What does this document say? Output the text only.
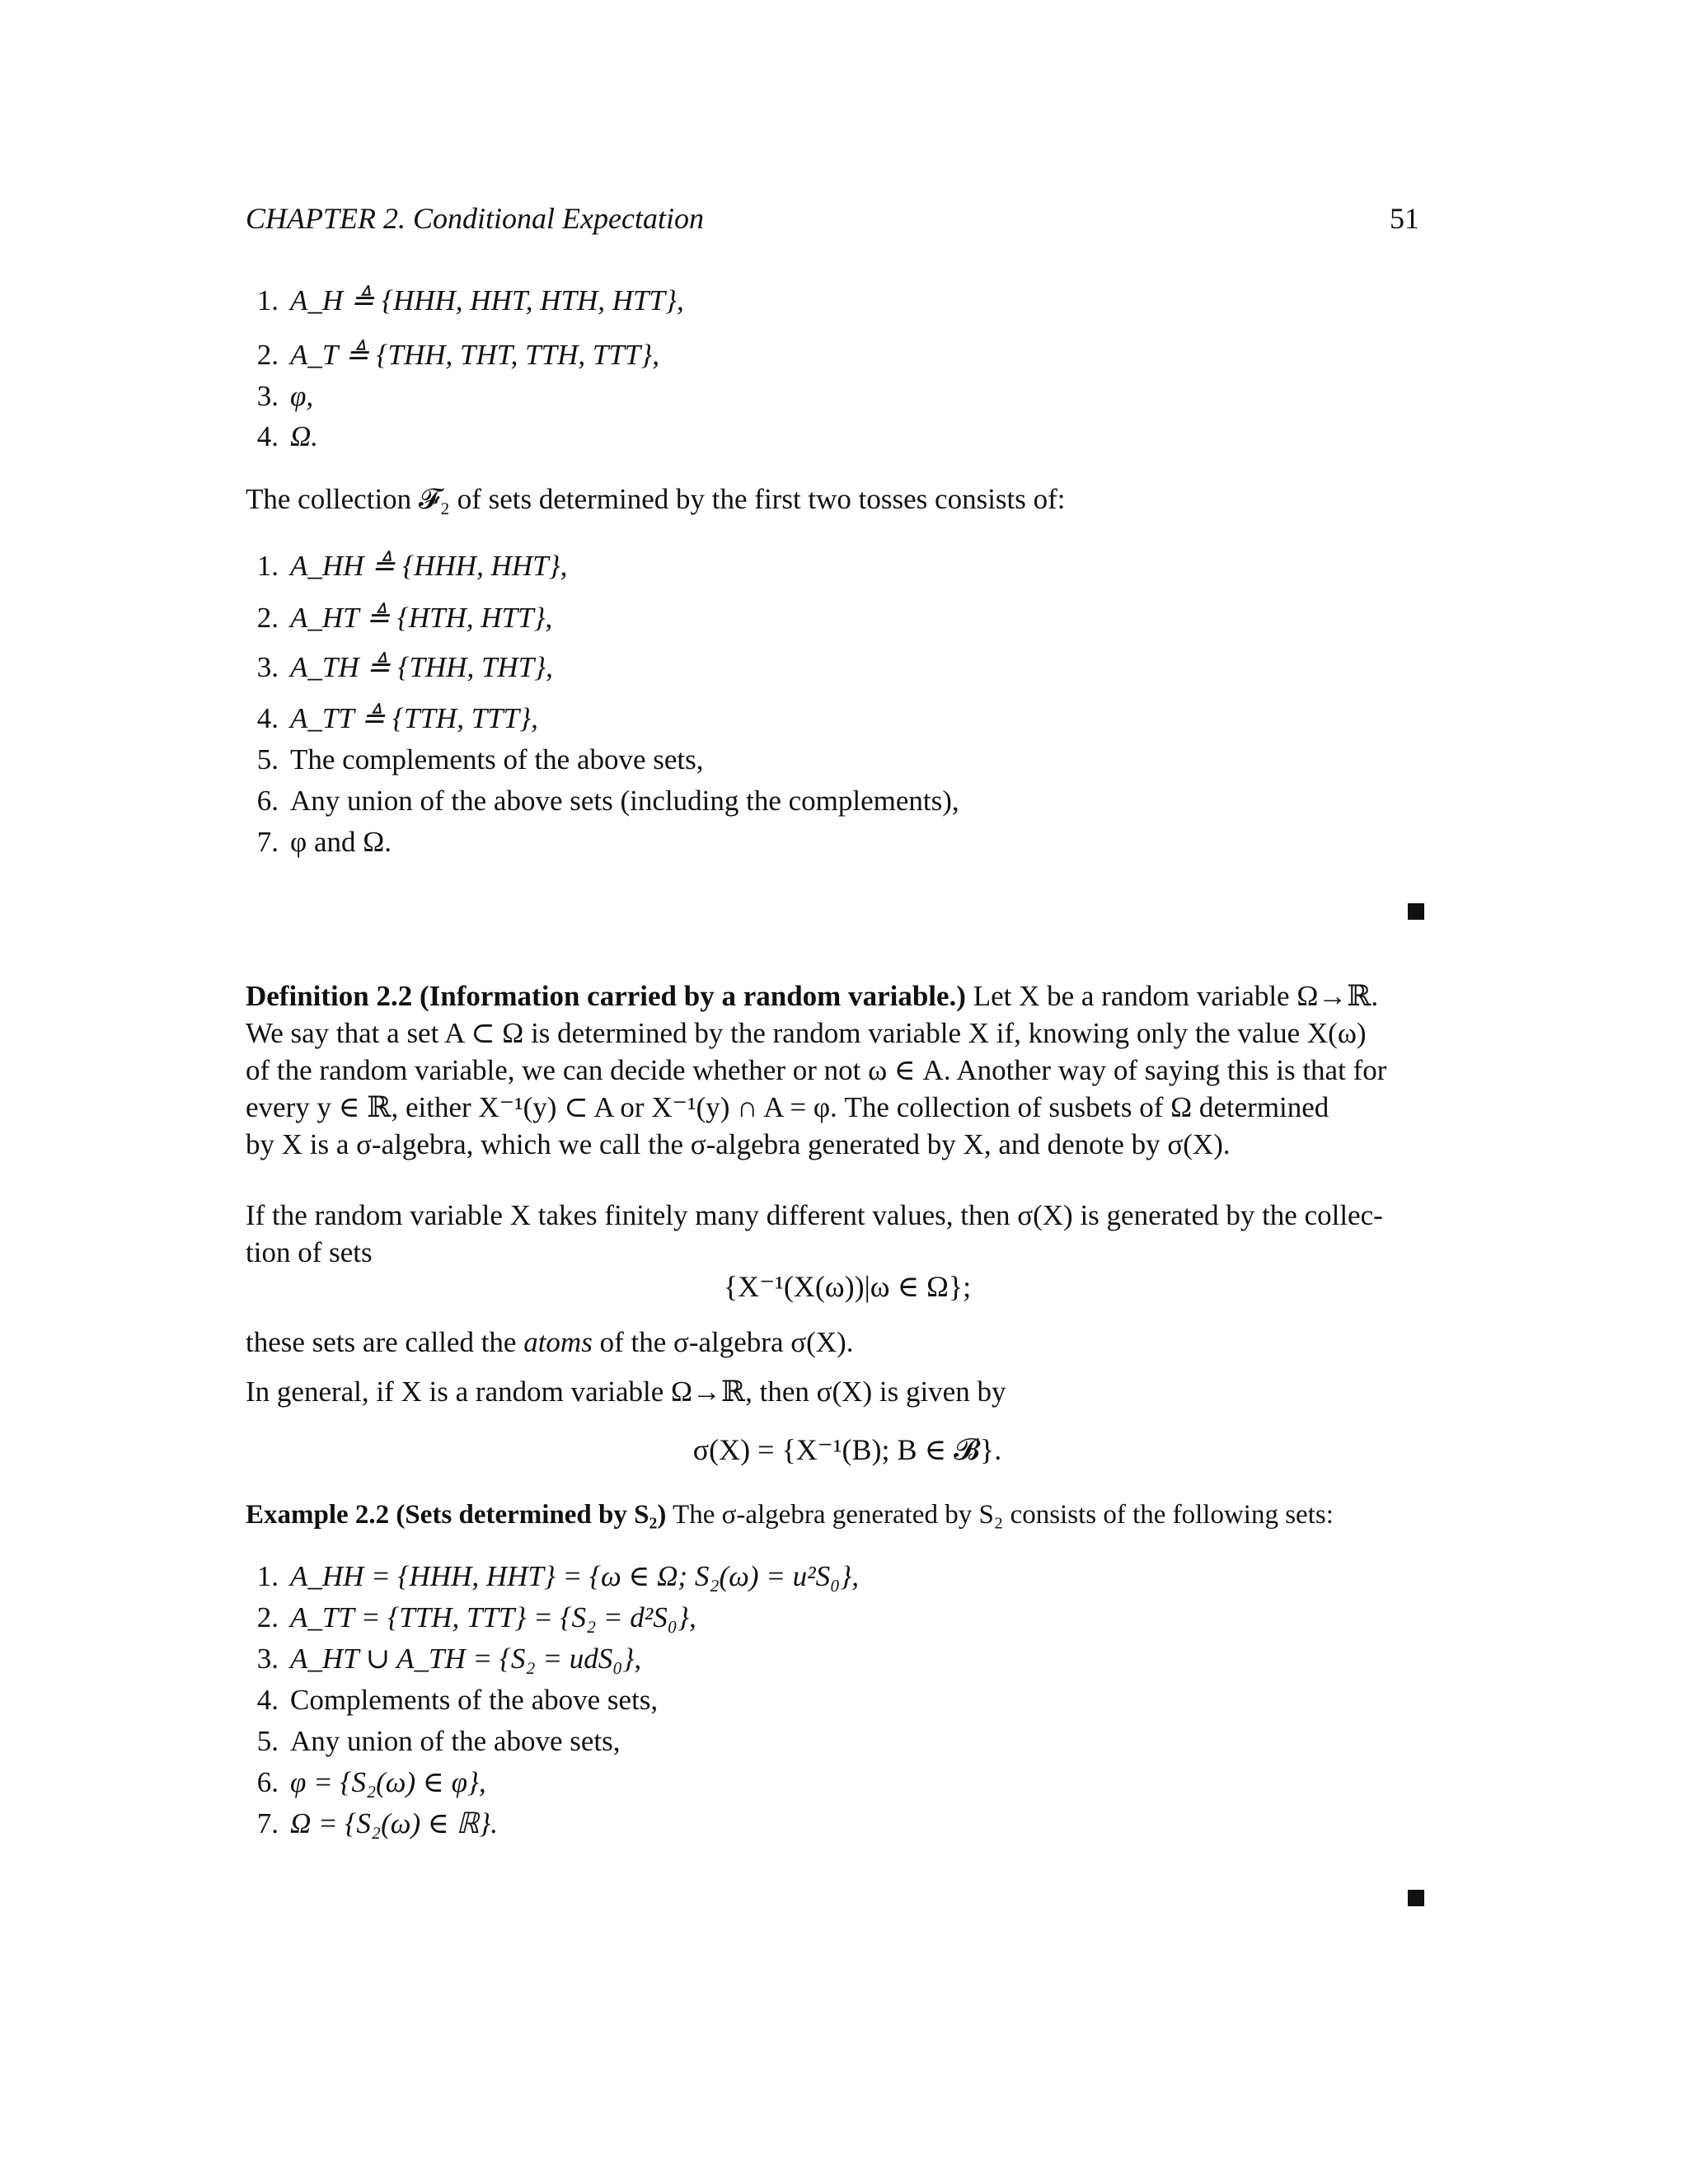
CHAPTER 2. Conditional Expectation	51
1. A_H ≜ {HHH, HHT, HTH, HTT},
2. A_T ≜ {THH, THT, TTH, TTT},
3. φ,
4. Ω.
The collection 𝓕₂ of sets determined by the first two tosses consists of:
1. A_HH ≜ {HHH, HHT},
2. A_HT ≜ {HTH, HTT},
3. A_TH ≜ {THH, THT},
4. A_TT ≜ {TTH, TTT},
5. The complements of the above sets,
6. Any union of the above sets (including the complements),
7. φ and Ω.
Definition 2.2 (Information carried by a random variable.) Let X be a random variable Ω→ℝ.
We say that a set A ⊂ Ω is determined by the random variable X if, knowing only the value X(ω)
of the random variable, we can decide whether or not ω ∈ A. Another way of saying this is that for
every y ∈ ℝ, either X⁻¹(y) ⊂ A or X⁻¹(y) ∩ A = φ. The collection of susbets of Ω determined
by X is a σ-algebra, which we call the σ-algebra generated by X, and denote by σ(X).
If the random variable X takes finitely many different values, then σ(X) is generated by the collec-
tion of sets
{X⁻¹(X(ω))|ω ∈ Ω};
these sets are called the atoms of the σ-algebra σ(X).
In general, if X is a random variable Ω→ℝ, then σ(X) is given by
σ(X) = {X⁻¹(B); B ∈ 𝓑}.
Example 2.2 (Sets determined by S₂) The σ-algebra generated by S₂ consists of the following sets:
1. A_HH = {HHH, HHT} = {ω ∈ Ω; S₂(ω) = u²S₀},
2. A_TT = {TTH, TTT} = {S₂ = d²S₀},
3. A_HT ∪ A_TH = {S₂ = udS₀},
4. Complements of the above sets,
5. Any union of the above sets,
6. φ = {S₂(ω) ∈ φ},
7. Ω = {S₂(ω) ∈ ℝ}.
